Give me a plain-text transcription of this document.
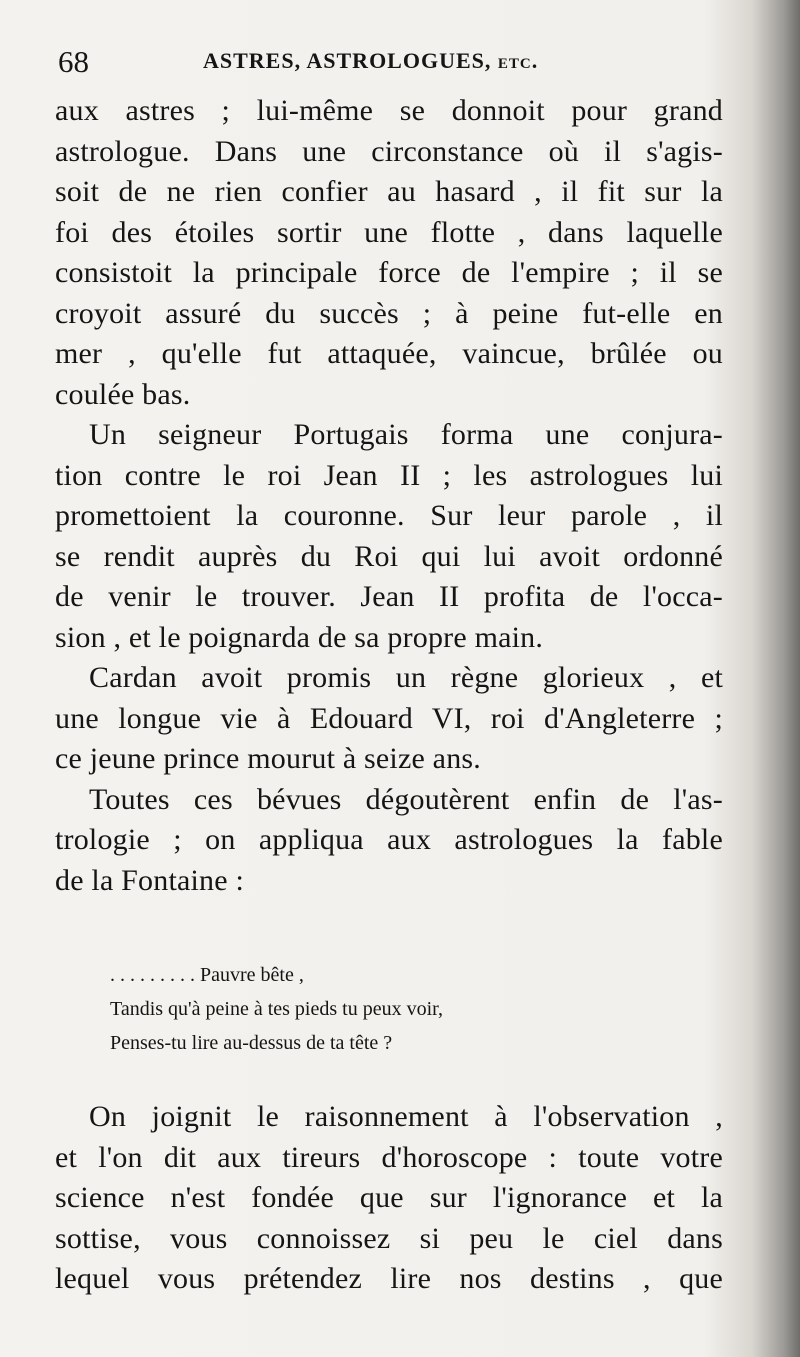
68	ASTRES, ASTROLOGUES, etc.
aux astres ; lui-même se donnoit pour grand
astrologue. Dans une circonstance où il s'agis-
soit de ne rien confier au hasard , il fit sur la
foi des étoiles sortir une flotte , dans laquelle
consistoit la principale force de l'empire ; il se
croyoit assuré du succès ; à peine fut-elle en
mer , qu'elle fut attaquée, vaincue, brûlée ou
coulée bas.
Un seigneur Portugais forma une conjura-
tion contre le roi Jean II ; les astrologues lui
promettoient la couronne. Sur leur parole , il
se rendit auprès du Roi qui lui avoit ordonné
de venir le trouver. Jean II profita de l'occa-
sion , et le poignarda de sa propre main.
Cardan avoit promis un règne glorieux , et
une longue vie à Edouard VI, roi d'Angleterre ;
ce jeune prince mourut à seize ans.
Toutes ces bévues dégoutèrent enfin de l'as-
trologie ; on appliqua aux astrologues la fable
de la Fontaine :
. . . . . . . . . Pauvre bête ,
Tandis qu'à peine à tes pieds tu peux voir,
Penses-tu lire au-dessus de ta tête ?
On joignit le raisonnement à l'observation ,
et l'on dit aux tireurs d'horoscope : toute votre
science n'est fondée que sur l'ignorance et la
sottise, vous connoissez si peu le ciel dans
lequel vous prétendez lire nos destins , que
